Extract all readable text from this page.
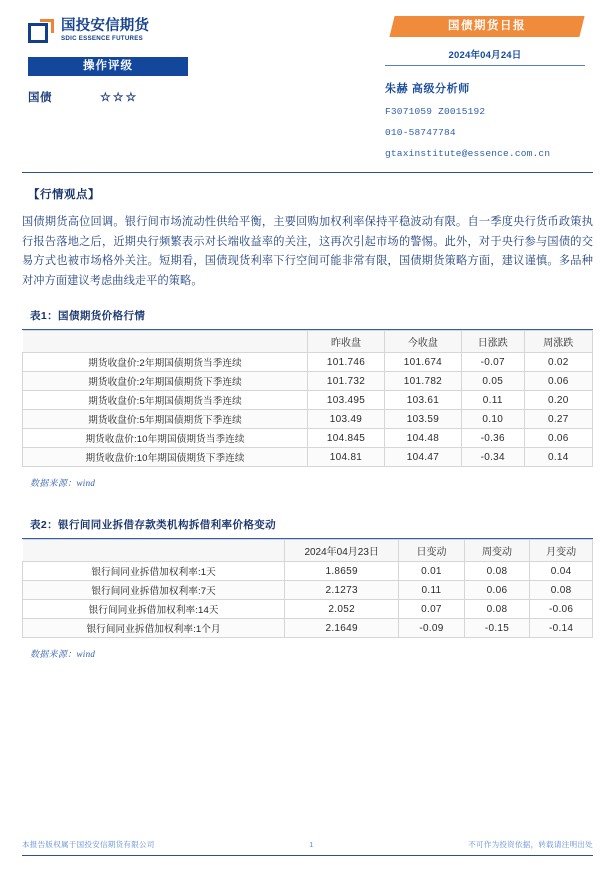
国投安信期货
SDIC ESSENCE FUTURES
操作评级
国债	☆☆☆
国债期货日报
2024年04月24日
朱赫 高级分析师
F3071059 Z0015192
010-58747784
gtaxinstitute@essence.com.cn
【行情观点】
国债期货高位回调。银行间市场流动性供给平衡，主要回购加权利率保持平稳波动有限。自一季度央行货币政策执行报告落地之后，近期央行频繁表示对长端收益率的关注，这再次引起市场的警惕。此外，对于央行参与国债的交易方式也被市场格外关注。短期看，国债现货利率下行空间可能非常有限，国债期货策略方面，建议谨慎。多品种对冲方面建议考虑曲线走平的策略。
表1：国债期货价格行情
	昨收盘	今收盘	日涨跌	周涨跌
期货收盘价:2年期国债期货当季连续	101.746	101.674	-0.07	0.02
期货收盘价:2年期国债期货下季连续	101.732	101.782	0.05	0.06
期货收盘价:5年期国债期货当季连续	103.495	103.61	0.11	0.20
期货收盘价:5年期国债期货下季连续	103.49	103.59	0.10	0.27
期货收盘价:10年期国债期货当季连续	104.845	104.48	-0.36	0.06
期货收盘价:10年期国债期货下季连续	104.81	104.47	-0.34	0.14
数据来源：wind
表2：银行间同业拆借存款类机构拆借利率价格变动
	2024年04月23日	日变动	周变动	月变动
银行间同业拆借加权利率:1天	1.8659	0.01	0.08	0.04
银行间同业拆借加权利率:7天	2.1273	0.11	0.06	0.08
银行间同业拆借加权利率:14天	2.052	0.07	0.08	-0.06
银行间同业拆借加权利率:1个月	2.1649	-0.09	-0.15	-0.14
数据来源：wind
本报告版权属于国投安信期货有限公司	1	不可作为投资依据，转载请注明出处
